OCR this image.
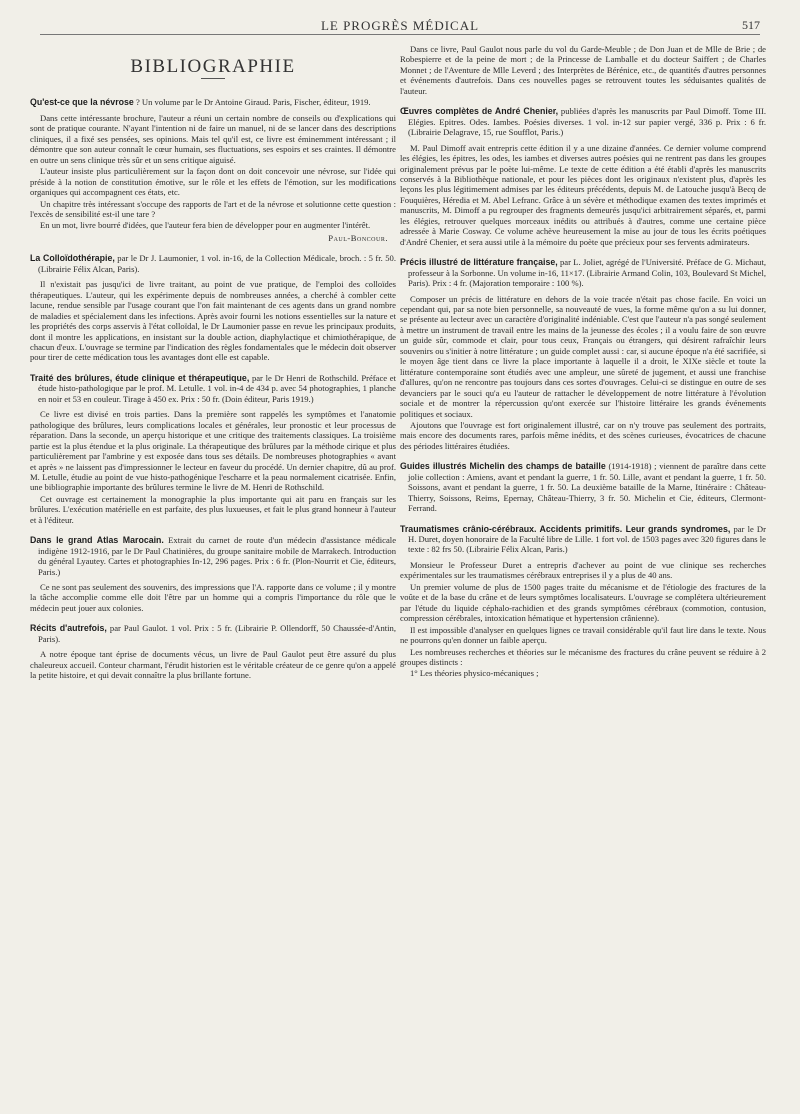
LE PROGRÈS MÉDICAL	517
BIBLIOGRAPHIE
Qu'est-ce que la névrose ? Un volume par le Dr Antoine Giraud. Paris, Fischer, éditeur, 1919.
Dans cette intéressante brochure, l'auteur a réuni un certain nombre de conseils ou d'explications qui sont de pratique courante. N'ayant l'intention ni de faire un manuel, ni de se lancer dans des descriptions cliniques, il a fixé ses pensées, ses opinions. Mais tel qu'il est, ce livre est éminemment intéressant ; il démontre que son auteur connaît le cœur humain, ses fluctuations, ses espoirs et ses craintes. Il démontre en outre un sens clinique très sûr et un sens critique aiguisé.
L'auteur insiste plus particulièrement sur la façon dont on doit concevoir une névrose, sur l'idée qui préside à la notion de constitution émotive, sur le rôle et les effets de l'émotion, sur les modifications organiques qui accompagnent ces états, etc.
Un chapitre très intéressant s'occupe des rapports de l'art et de la névrose et solutionne cette question : l'excès de sensibilité est-il une tare ?
En un mot, livre bourré d'idées, que l'auteur fera bien de développer pour en augmenter l'intérêt.
Paul-Boncour.
La Colloïdothérapie, par le Dr J. Laumonier, 1 vol. in-16, de la Collection Médicale, broch. : 5 fr. 50. (Librairie Félix Alcan, Paris).
Il n'existait pas jusqu'ici de livre traitant, au point de vue pratique, de l'emploi des colloïdes thérapeutiques. L'auteur, qui les expérimente depuis de nombreuses années, a cherché à combler cette lacune, rendue sensible par l'usage courant que l'on fait maintenant de ces agents dans un grand nombre de maladies et spécialement dans les infections. Après avoir fourni les notions essentielles sur la nature et les propriétés des corps asservis à l'état colloïdal, le Dr Laumonier passe en revue les principaux produits, dont il montre les applications, en insistant sur la double action, diaphylactique et chimiothérapique, de chacun d'eux. L'ouvrage se termine par l'indication des règles fondamentales que le médecin doit observer pour tirer de cette médication tous les avantages dont elle est capable.
Traité des brûlures, étude clinique et thérapeutique, par le Dr Henri de Rothschild. Préface et étude histo-pathologique par le prof. M. Letulle. 1 vol. in-4 de 434 p. avec 54 photographies, 1 planche en noir et 53 en couleur. Tirage à 450 ex. Prix : 50 fr. (Doin éditeur, Paris 1919.)
Ce livre est divisé en trois parties. Dans la première sont rappelés les symptômes et l'anatomie pathologique des brûlures, leurs complications locales et générales, leur pronostic et leur processus de réparation. Dans la seconde, un aperçu historique et une critique des traitements classiques. La troisième partie est la plus étendue et la plus originale. La thérapeutique des brûlures par la méthode cirique et plus particulièrement par l'ambrine y est exposée dans tous ses détails. De nombreuses photographies « avant et après » ne laissent pas d'impressionner le lecteur en faveur du procédé. Un dernier chapitre, dû au prof. M. Letulle, étudie au point de vue histo-pathogénique l'escharre et la peau normalement cicatrisée. Enfin, une bibliographie importante des brûlures termine le livre de M. Henri de Rothschild.
Cet ouvrage est certainement la monographie la plus importante qui ait paru en français sur les brûlures. L'exécution matérielle en est parfaite, des plus luxueuses, et fait le plus grand honneur à l'auteur et à l'éditeur.
Dans le grand Atlas Marocain. Extrait du carnet de route d'un médecin d'assistance médicale indigène 1912-1916, par le Dr Paul Chatinières, du groupe sanitaire mobile de Marrakech. Introduction du général Lyautey. Cartes et photographies In-12, 296 pages. Prix : 6 fr. (Plon-Nourrit et Cie, éditeurs, Paris.)
Ce ne sont pas seulement des souvenirs, des impressions que l'A. rapporte dans ce volume ; il y montre la tâche accomplie comme elle doit l'être par un homme qui a compris l'importance du rôle que le médecin peut jouer aux colonies.
Récits d'autrefois, par Paul Gaulot. 1 vol. Prix : 5 fr. (Librairie P. Ollendorff, 50 Chaussée-d'Antin, Paris).
A notre époque tant éprise de documents vécus, un livre de Paul Gaulot peut être assuré du plus chaleureux accueil. Conteur charmant, l'érudit historien est le véritable créateur de ce genre qu'on a appelé la petite histoire, et qui devait connaître la plus brillante fortune.
Dans ce livre, Paul Gaulot nous parle du vol du Garde-Meuble ; de Don Juan et de Mlle de Brie ; de Robespierre et de la peine de mort ; de la Princesse de Lamballe et du docteur Saiffert ; de Charles Monnet ; de l'Aventure de Mlle Leverd ; des Interprètes de Bérénice, etc., de quantités d'autres personnes et événements d'autrefois. Dans ces nouvelles pages se retrouvent toutes les séduisantes qualités de l'auteur.
Œuvres complètes de André Chenier, publiées d'après les manuscrits par Paul Dimoff. Tome III. Elégies. Epitres. Odes. Iambes. Poésies diverses. 1 vol. in-12 sur papier vergé, 336 p. Prix : 6 fr. (Librairie Delagrave, 15, rue Soufflot, Paris.)
M. Paul Dimoff avait entrepris cette édition il y a une dizaine d'années. Ce dernier volume comprend les élégies, les épitres, les odes, les iambes et diverses autres poésies qui ne rentrent pas dans les groupes originalement prévus par le poète lui-même. Le texte de cette édition a été établi d'après les manuscrits conservés à la Bibliothèque nationale, et pour les pièces dont les originaux n'existent plus, d'après les leçons les plus légitimement admises par les éditeurs précédents, depuis M. de Latouche jusqu'à Becq de Fouquières, Héredia et M. Abel Lefranc. Grâce à un sévère et méthodique examen des textes imprimés et manuscrits, M. Dimoff a pu regrouper des fragments demeurés jusqu'ici arbitrairement séparés, et, parmi les élégies, retrouver quelques morceaux inédits ou attribués à d'autres, comme une certaine pièce adressée à Marie Cosway. Ce volume achève heureusement la mise au jour de tous les écrits poétiques d'André Chenier, et sera aussi utile à la mémoire du poète que précieux pour ses fervents admirateurs.
Précis illustré de littérature française, par L. Joliet, agrégé de l'Université. Préface de G. Michaut, professeur à la Sorbonne. Un volume in-16, 11×17. (Librairie Armand Colin, 103, Boulevard St Michel, Paris). Prix : 4 fr. (Majoration temporaire : 100 %).
Composer un précis de littérature en dehors de la voie tracée n'était pas chose facile. En voici un cependant qui, par sa note bien personnelle, sa nouveauté de vues, la forme même qu'on a su lui donner, se présente au lecteur avec un caractère d'originalité indéniable. C'est que l'auteur n'a pas songé seulement à mettre un instrument de travail entre les mains de la jeunesse des écoles ; il a voulu faire de son œuvre un guide sûr, commode et clair, pour tous ceux, Français ou étrangers, qui désirent rafraîchir leurs souvenirs ou s'initier à notre littérature ; un guide complet aussi : car, si aucune époque n'a été sacrifiée, si le moyen âge tient dans ce livre la place importante à laquelle il a droit, le XIXe siècle et toute la littérature contemporaine sont étudiés avec une ampleur, une sûreté de jugement, et aussi une franchise d'allures, qu'on ne rencontre pas toujours dans ces sortes d'ouvrages. Celui-ci se distingue en outre de ses devanciers par le souci qu'a eu l'auteur de rattacher le développement de notre littérature à l'évolution sociale et de montrer la répercussion qu'ont exercée sur l'histoire littéraire les grands événements politiques et sociaux.
Ajoutons que l'ouvrage est fort originalement illustré, car on n'y trouve pas seulement des portraits, mais encore des documents rares, parfois même inédits, et des scènes curieuses, évocatrices de chacune des périodes littéraires étudiées.
Guides illustrés Michelin des champs de bataille (1914-1918) ; viennent de paraître dans cette jolie collection : Amiens, avant et pendant la guerre, 1 fr. 50. Lille, avant et pendant la guerre, 1 fr. 50. Soissons, avant et pendant la guerre, 1 fr. 50. La deuxième bataille de la Marne, Itinéraire : Château-Thierry, Soissons, Reims, Epernay, Château-Thierry, 3 fr. 50. Michelin et Cie, éditeurs, Clermont-Ferrand.
Traumatismes crânio-cérébraux. Accidents primitifs. Leur grands syndromes, par le Dr H. Duret, doyen honoraire de la Faculté libre de Lille. 1 fort vol. de 1503 pages avec 320 figures dans le texte : 82 frs 50. (Librairie Félix Alcan, Paris.)
Monsieur le Professeur Duret a entrepris d'achever au point de vue clinique ses recherches expérimentales sur les traumatismes cérébraux entreprises il y a plus de 40 ans.
Un premier volume de plus de 1500 pages traite du mécanisme et de l'étiologie des fractures de la voûte et de la base du crâne et de leurs symptômes localisateurs. L'ouvrage se complétera ultérieurement par l'étude du liquide céphalo-rachidien et des grands symptômes cérébraux (commotion, contusion, compression cérébrales, intoxication hématique et hypertension crânienne).
Il est impossible d'analyser en quelques lignes ce travail considérable qu'il faut lire dans le texte. Nous ne pourrons qu'en donner un faible aperçu.
Les nombreuses recherches et théories sur le mécanisme des fractures du crâne peuvent se réduire à 2 groupes distincts :
1° Les théories physico-mécaniques ;
